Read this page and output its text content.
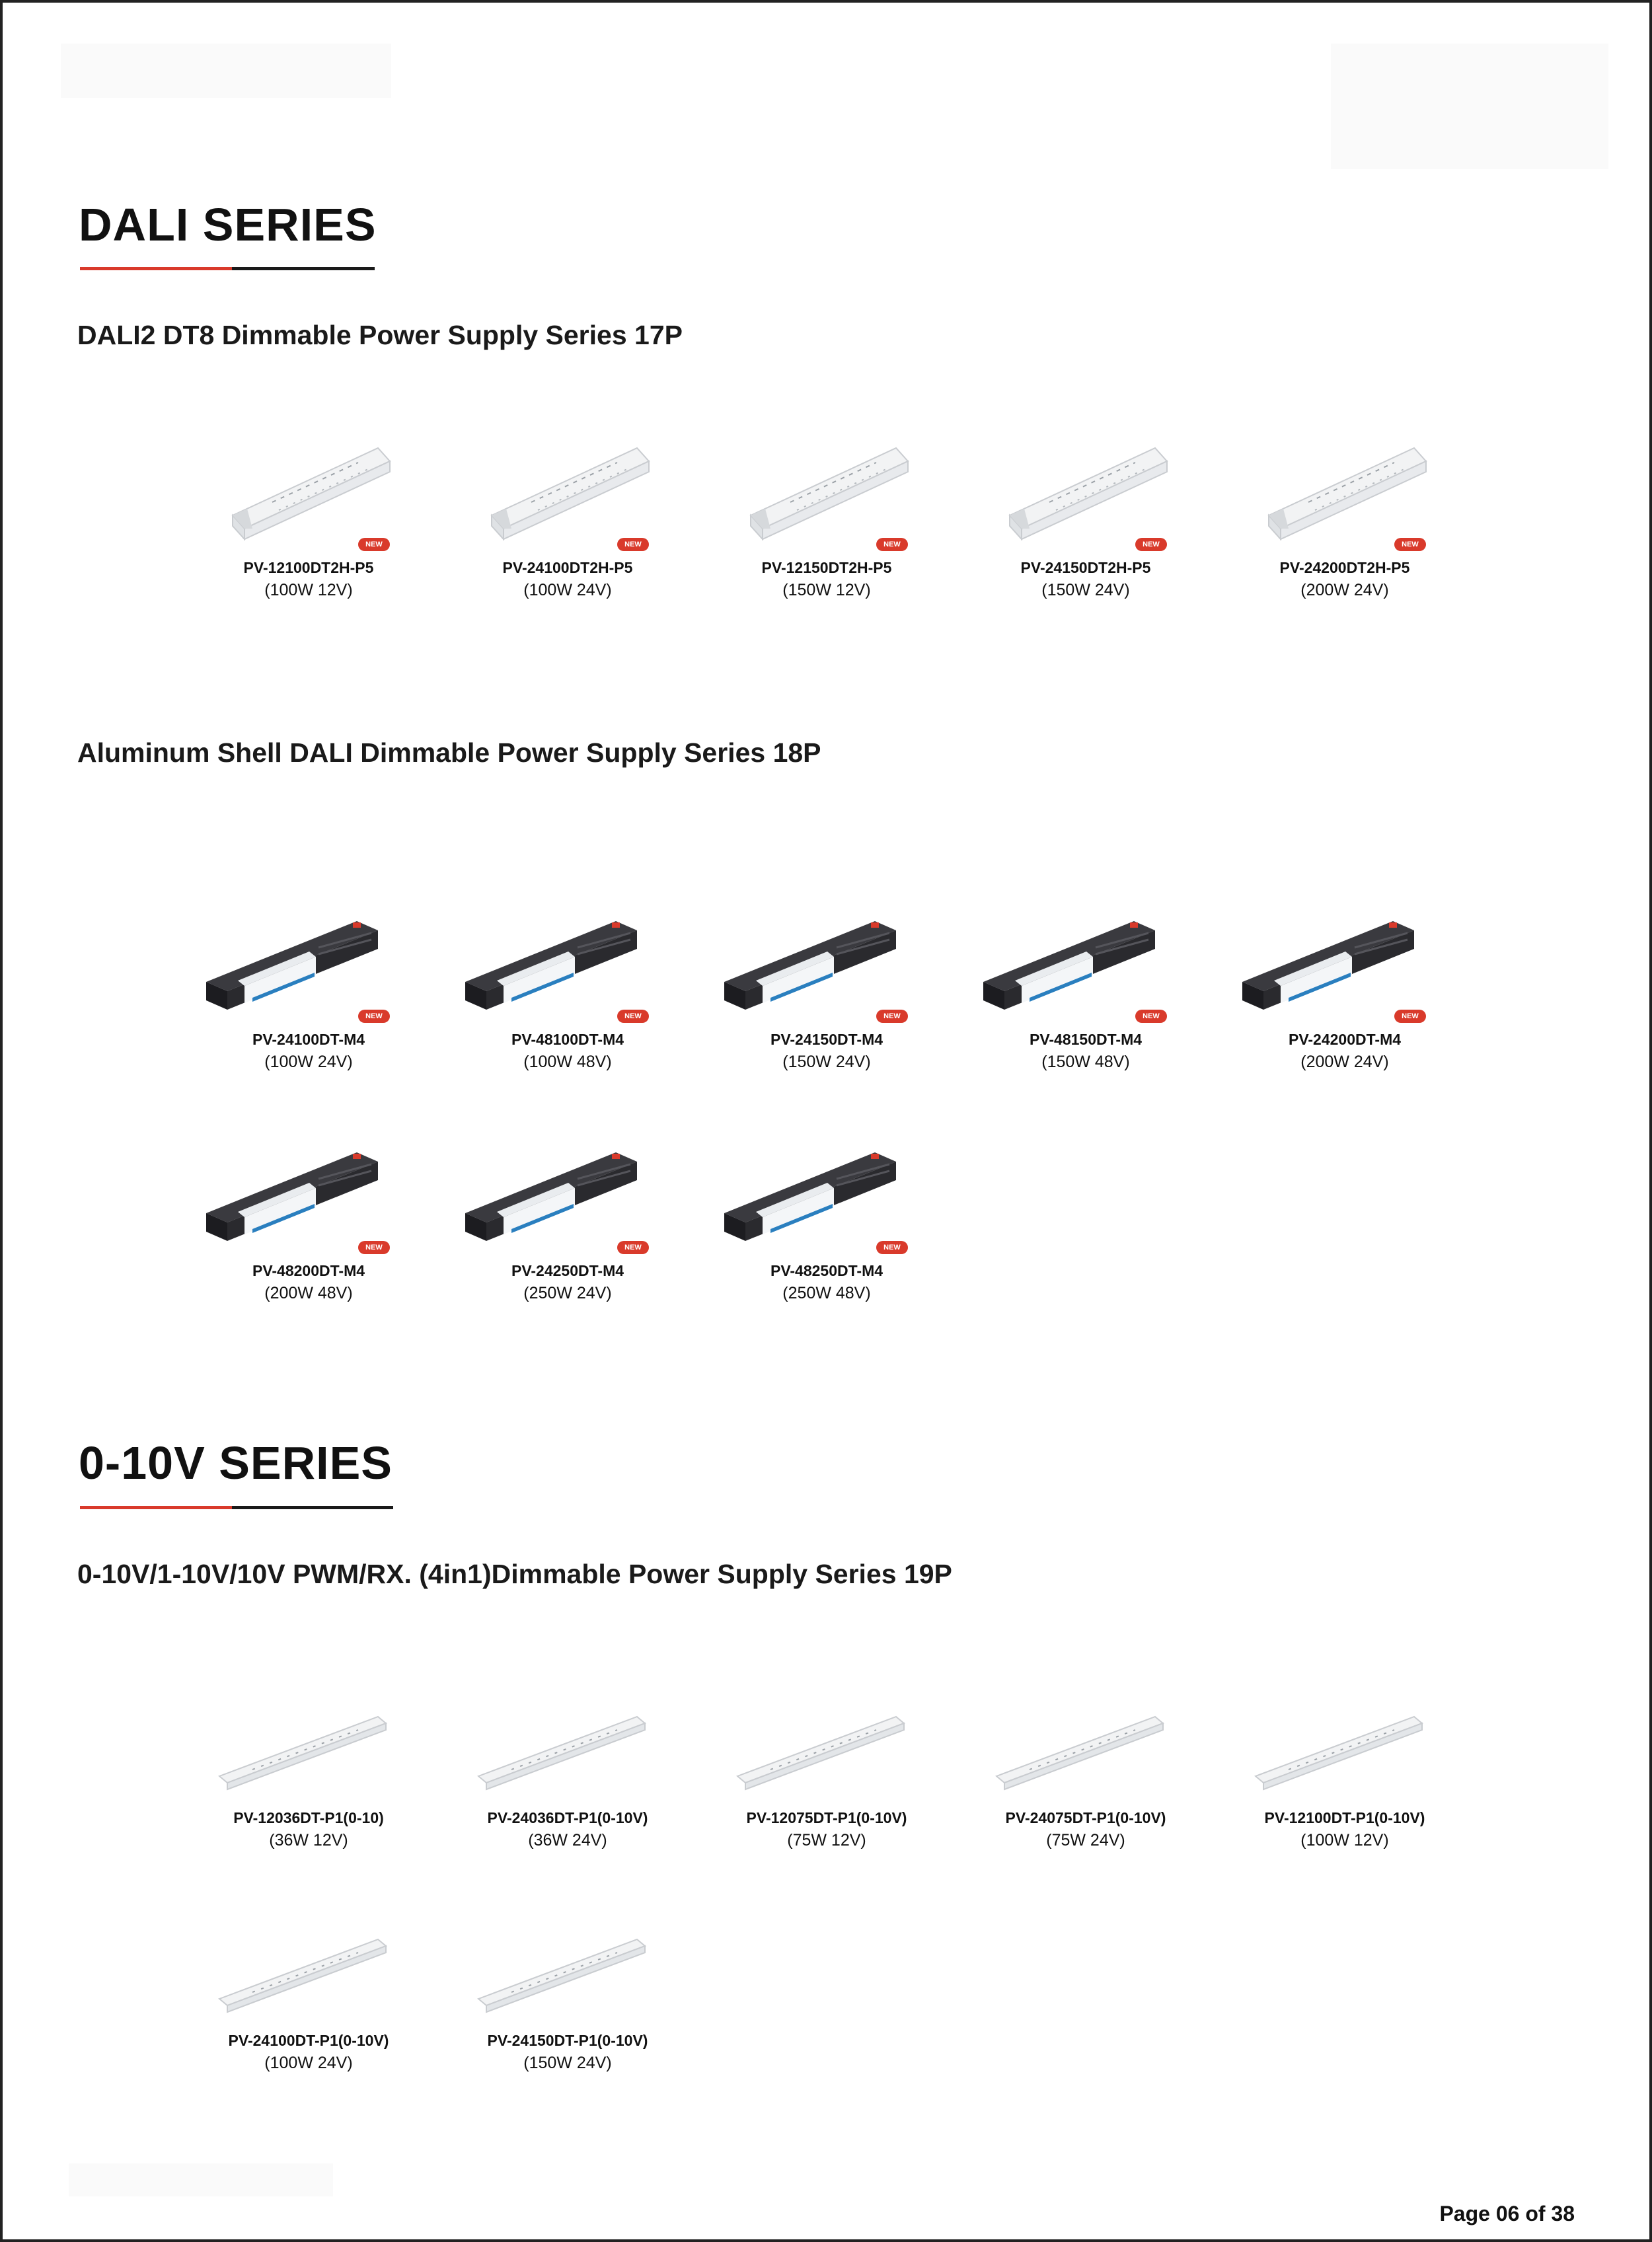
DALI SERIES
DALI2 DT8 Dimmable Power Supply Series 17P
NEW
PV-12100DT2H-P5
(100W 12V)
NEW
PV-24100DT2H-P5
(100W 24V)
NEW
PV-12150DT2H-P5
(150W 12V)
NEW
PV-24150DT2H-P5
(150W 24V)
NEW
PV-24200DT2H-P5
(200W 24V)
Aluminum Shell DALI Dimmable Power Supply Series 18P
NEW
PV-24100DT-M4
(100W 24V)
NEW
PV-48100DT-M4
(100W 48V)
NEW
PV-24150DT-M4
(150W 24V)
NEW
PV-48150DT-M4
(150W 48V)
NEW
PV-24200DT-M4
(200W 24V)
NEW
PV-48200DT-M4
(200W 48V)
NEW
PV-24250DT-M4
(250W 24V)
NEW
PV-48250DT-M4
(250W 48V)
0-10V SERIES
0-10V/1-10V/10V PWM/RX. (4in1)Dimmable Power Supply Series 19P
PV-12036DT-P1(0-10)
(36W 12V)
PV-24036DT-P1(0-10V)
(36W 24V)
PV-12075DT-P1(0-10V)
(75W 12V)
PV-24075DT-P1(0-10V)
(75W 24V)
PV-12100DT-P1(0-10V)
(100W 12V)
PV-24100DT-P1(0-10V)
(100W 24V)
PV-24150DT-P1(0-10V)
(150W 24V)
Page 06 of 38
